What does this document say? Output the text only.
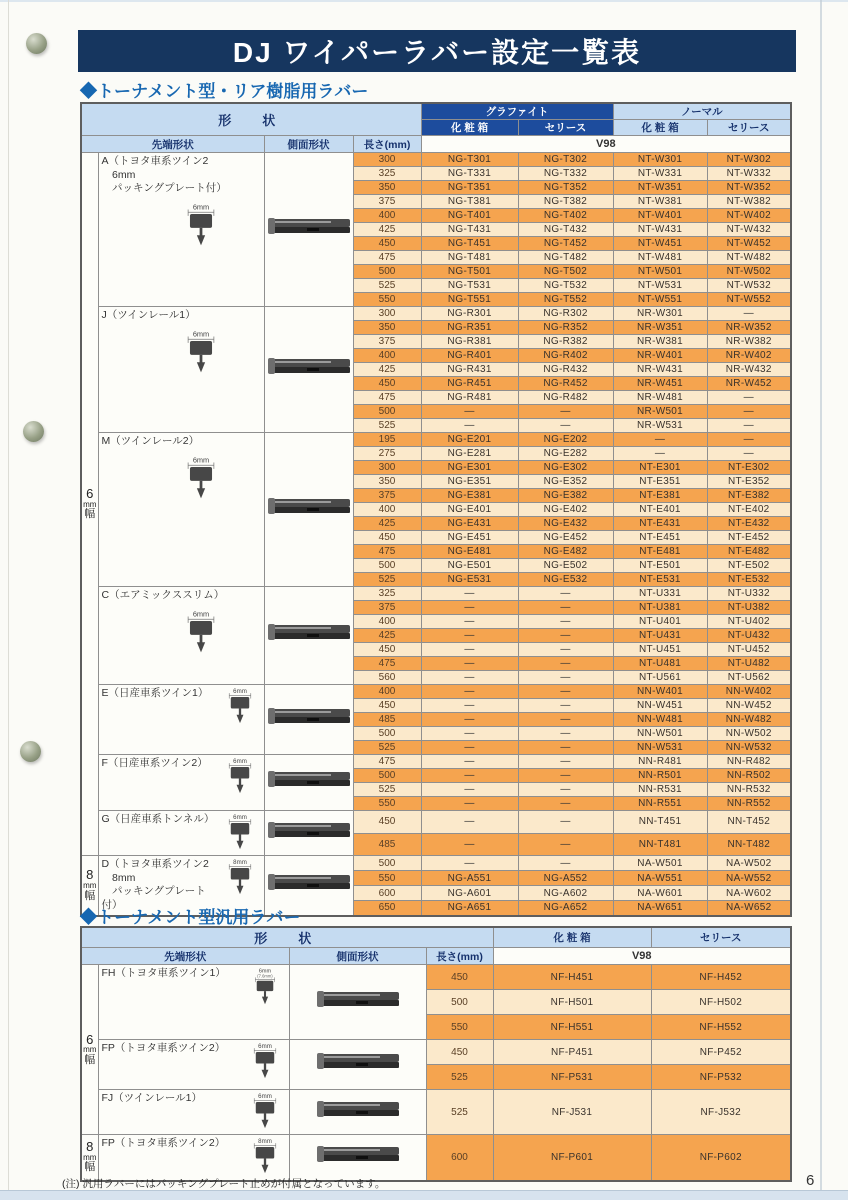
DJ ワイパーラバー設定一覧表
◆トーナメント型・リア樹脂用ラバー
形　状				グラファイト		ノーマル	
				化 粧 箱	セリース	化 粧 箱	セリース
先端形状		側面形状	長さ(mm)	V98			

6
mm
幅

A（トヨタ車系ツイン2
　6mm
　パッキングプレート付）
6mm
		300	NG-T301	NG-T302	NT-W301	NT-W302
			325	NG-T331	NG-T332	NT-W331	NT-W332
			350	NG-T351	NG-T352	NT-W351	NT-W352
			375	NG-T381	NG-T382	NT-W381	NT-W382
			400	NG-T401	NG-T402	NT-W401	NT-W402
			425	NG-T431	NG-T432	NT-W431	NT-W432
			450	NG-T451	NG-T452	NT-W451	NT-W452
			475	NG-T481	NG-T482	NT-W481	NT-W482
			500	NG-T501	NG-T502	NT-W501	NT-W502
			525	NG-T531	NG-T532	NT-W531	NT-W532
			550	NG-T551	NG-T552	NT-W551	NT-W552

	J（ツインレール1）
6mm		300	NG-R301	NG-R302	NR-W301	—
			350	NG-R351	NG-R352	NR-W351	NR-W352
			375	NG-R381	NG-R382	NR-W381	NR-W382
			400	NG-R401	NG-R402	NR-W401	NR-W402
			425	NG-R431	NG-R432	NR-W431	NR-W432
			450	NG-R451	NG-R452	NR-W451	NR-W452
			475	NG-R481	NG-R482	NR-W481	—
			500	—	—	NR-W501	—
			525	—	—	NR-W531	—

	M（ツインレール2）
6mm		195	NG-E201	NG-E202	—	—
			275	NG-E281	NG-E282	—	—
			300	NG-E301	NG-E302	NT-E301	NT-E302
			350	NG-E351	NG-E352	NT-E351	NT-E352
			375	NG-E381	NG-E382	NT-E381	NT-E382
			400	NG-E401	NG-E402	NT-E401	NT-E402
			425	NG-E431	NG-E432	NT-E431	NT-E432
			450	NG-E451	NG-E452	NT-E451	NT-E452
			475	NG-E481	NG-E482	NT-E481	NT-E482
			500	NG-E501	NG-E502	NT-E501	NT-E502
			525	NG-E531	NG-E532	NT-E531	NT-E532

	C（エアミックススリム）
6mm		325	—	—	NT-U331	NT-U332
			375	—	—	NT-U381	NT-U382
			400	—	—	NT-U401	NT-U402
			425	—	—	NT-U431	NT-U432
			450	—	—	NT-U451	NT-U452
			475	—	—	NT-U481	NT-U482
			560	—	—	NT-U561	NT-U562

	E（日産車系ツイン1） 6mm		400	—	—	NN-W401	NN-W402
			450	—	—	NN-W451	NN-W452
			485	—	—	NN-W481	NN-W482
			500	—	—	NN-W501	NN-W502
			525	—	—	NN-W531	NN-W532

	F（日産車系ツイン2） 6mm		475	—	—	NN-R481	NN-R482
			500	—	—	NN-R501	NN-R502
			525	—	—	NN-R531	NN-R532
			550	—	—	NN-R551	NN-R552

	G（日産車系トンネル） 6mm		450	—	—	NN-T451	NN-T452
			485	—	—	NN-T481	NN-T482

8
mm
幅

D（トヨタ車系ツイン2
　8mm
　パッキングプレート付）
8mm		500	—	—	NA-W501	NA-W502
			550	NG-A551	NG-A552	NA-W551	NA-W552
			600	NG-A601	NG-A602	NA-W601	NA-W602
			650	NG-A651	NG-A652	NA-W651	NA-W652
◆トーナメント型汎用ラバー
形　状				化 粧 箱	セリース
先端形状		側面形状	長さ(mm)	V98	

6
mm
幅

FH（トヨタ車系ツイン1）	6mm
(7.6mm)		450	NF-H451	NF-H452
			500	NF-H501	NF-H502
			550	NF-H551	NF-H552

	FP（トヨタ車系ツイン2） 6mm		450	NF-P451	NF-P452
			525	NF-P531	NF-P532

	FJ（ツインレール1） 6mm		525	NF-J531	NF-J532

8
mm
幅

FP（トヨタ車系ツイン2）	8mm
		600	NF-P601	NF-P602
(注) 汎用ラバーにはパッキングプレート止めが付属となっています。	6
